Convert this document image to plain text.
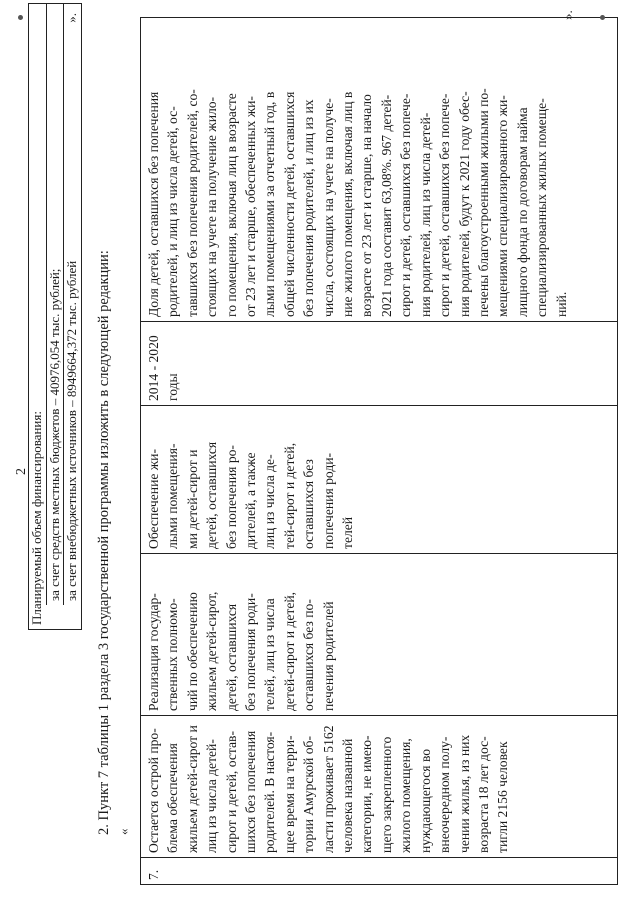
2 Планируемый объем финансирования: за счет средств местных бюджетов – 40976,054 тыс. рублей; за счет внебюджетных источников – 8949664,372 тыс. рублей
».
2. Пункт 7 таблицы 1 раздела 3 государственной программы изложить в следующей редакции: «
7.
Остается острой про- блема обеспечения жильем детей-сирот и лиц из числа детей- сирот и детей, остав- шихся без попечения родителей. В настоя- щее время на терри- тории Амурской об- ласти проживает 5162 человека названной категории, не имею- щего закрепленного жилого помещения, нуждающегося во внеочередном полу- чении жилья, из них возраста 18 лет дос- тигли 2156 человек
Реализация государ- ственных полномо- чий по обеспечению жильем детей-сирот, детей, оставшихся без попечения роди- телей, лиц из числа детей-сирот и детей, оставшихся без по- печения родителей
Обеспечение жи- лыми помещения- ми детей-сирот и детей, оставшихся без попечения ро- дителей, а также лиц из числа де- тей-сирот и детей, оставшихся без попечения роди- телей
2014 - 2020 годы
Доля детей, оставшихся без попечения родителей, и лиц из числа детей, ос- тавшихся без попечения родителей, со- стоящих на учете на получение жило- го помещения, включая лиц в возрасте от 23 лет и старше, обеспеченных жи- лыми помещениями за отчетный год, в общей численности детей, оставшихся без попечения родителей, и лиц из их числа, состоящих на учете на получе- ние жилого помещения, включая лиц в возрасте от 23 лет и старше, на начало 2021 года составит 63,08%. 967 детей- сирот и детей, оставшихся без попече- ния родителей, лиц из числа детей- сирот и детей, оставшихся без попече- ния родителей, будут к 2021 году обес- печены благоустроенными жилыми по- мещениями специализированного жи- лищного фонда по договорам найма специализированных жилых помеще- ний.
».
